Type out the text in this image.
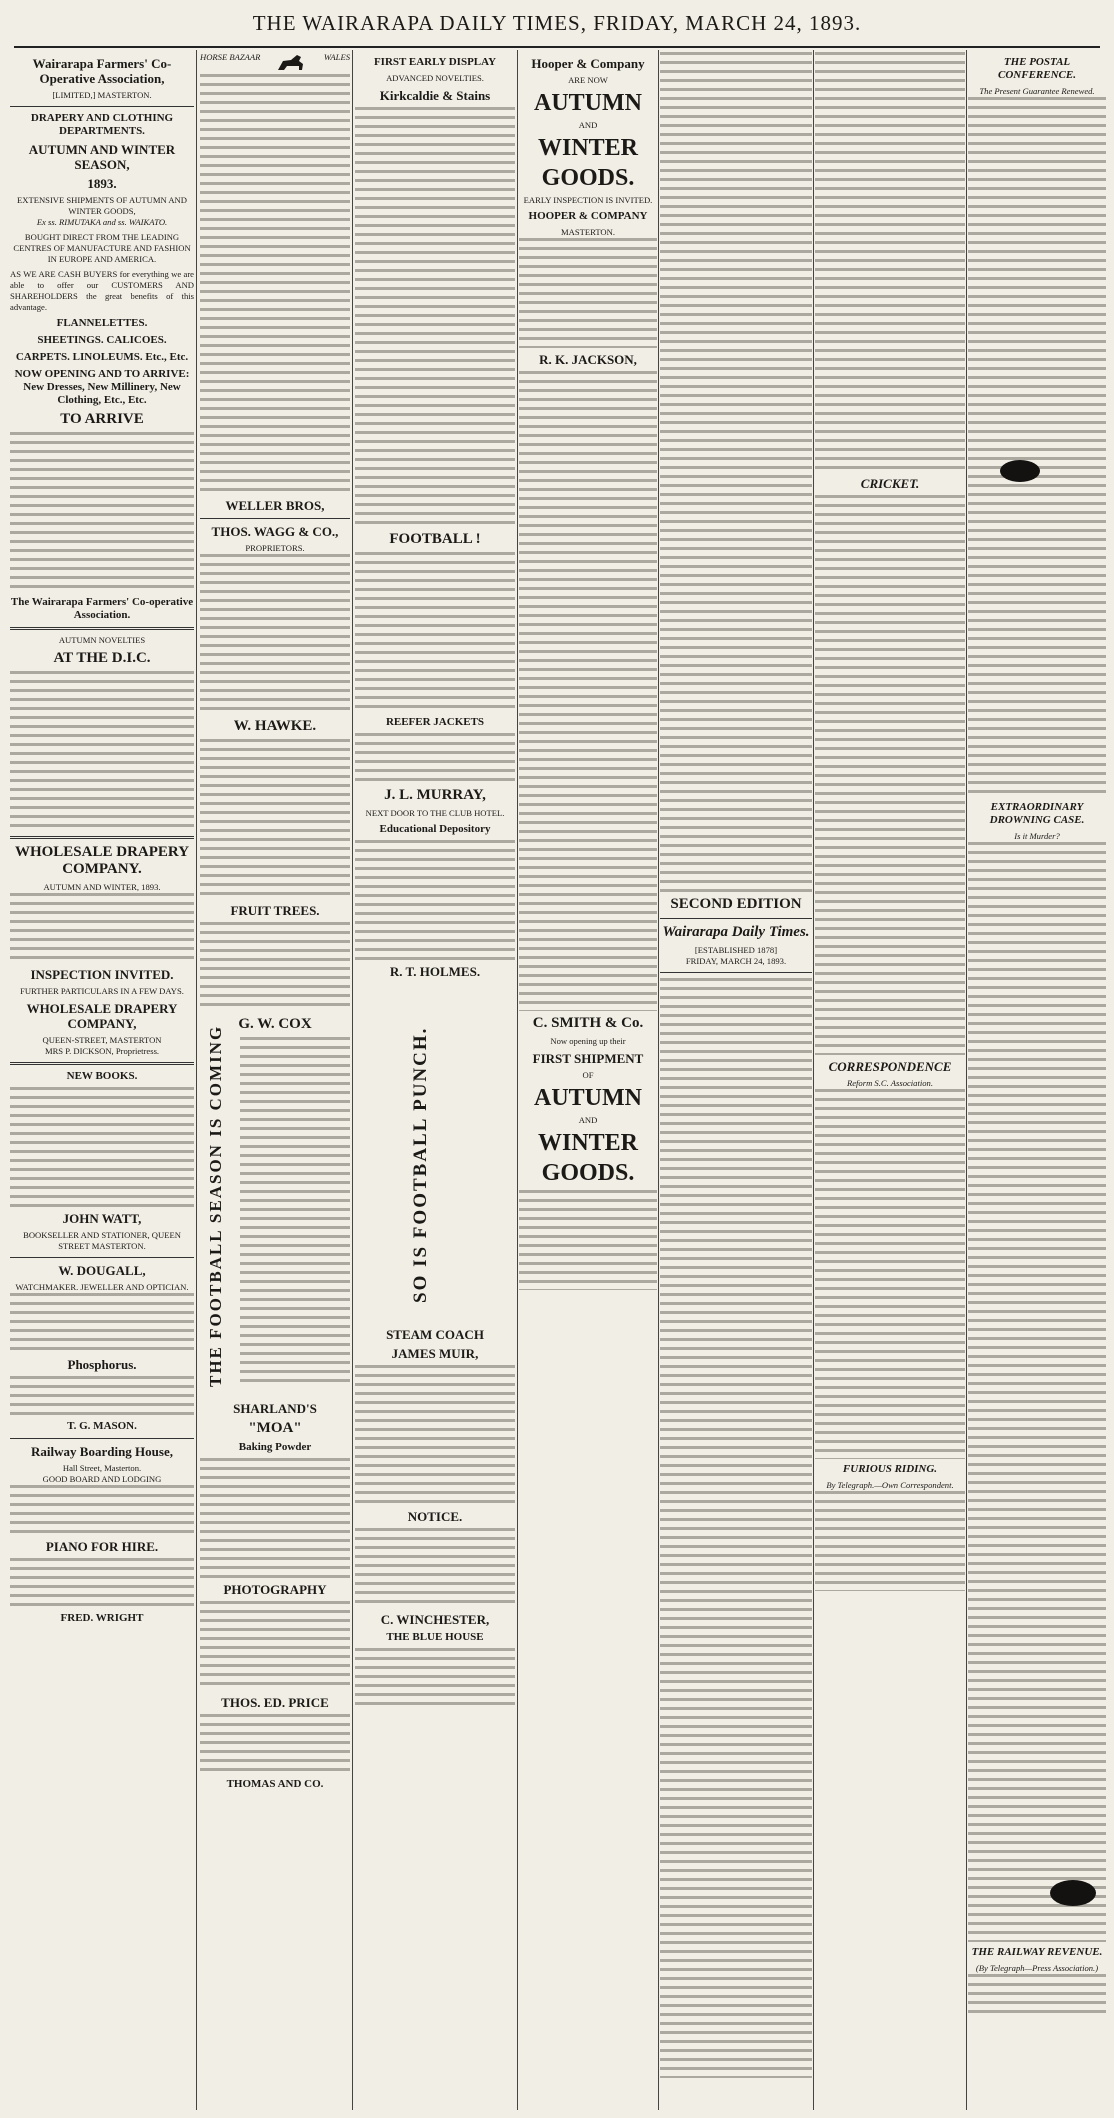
THE WAIRARAPA DAILY TIMES, FRIDAY, MARCH 24, 1893.
Wairarapa Farmers' Co-Operative Association,
[LIMITED,] MASTERTON.
DRAPERY AND CLOTHING DEPARTMENTS.
AUTUMN AND WINTER SEASON,
1893.
EXTENSIVE SHIPMENTS OF AUTUMN AND WINTER GOODS,
Ex ss. RIMUTAKA and ss. WAIKATO.
BOUGHT DIRECT FROM THE LEADING CENTRES OF MANUFACTURE AND FASHION IN EUROPE AND AMERICA.
AS WE ARE CASH BUYERS for everything we are able to offer our CUSTOMERS AND SHAREHOLDERS the great benefits of this advantage.
FLANNELETTES.
SHEETINGS. CALICOES.
CARPETS. LINOLEUMS. Etc., Etc.
NOW OPENING AND TO ARRIVE: New Dresses, New Millinery, New Clothing, Etc., Etc.
TO ARRIVE
The Wairarapa Farmers' Co-operative Association.
AUTUMN NOVELTIES
AT THE D.I.C.
WHOLESALE DRAPERY COMPANY.
AUTUMN AND WINTER, 1893.
INSPECTION INVITED.
FURTHER PARTICULARS IN A FEW DAYS.
WHOLESALE DRAPERY COMPANY,
QUEEN-STREET, MASTERTON
MRS P. DICKSON, Proprietress.
NEW BOOKS.
JOHN WATT,
BOOKSELLER AND STATIONER, QUEEN STREET MASTERTON.
W. DOUGALL,
WATCHMAKER. JEWELLER AND OPTICIAN.
Phosphorus.
T. G. MASON.
Railway Boarding House,
Hall Street, Masterton.
GOOD BOARD AND LODGING
PIANO FOR HIRE.
FRED. WRIGHT
HORSE BAZAAR	WALES
WELLER BROS,
THOS. WAGG & CO.,
PROPRIETORS.
W. HAWKE.
FRUIT TREES.
G. W. COX
THE FOOTBALL SEASON IS COMING
SHARLAND'S
"MOA"
Baking Powder
PHOTOGRAPHY
THOS. ED. PRICE
THOMAS AND CO.
FIRST EARLY DISPLAY
ADVANCED NOVELTIES.
Kirkcaldie & Stains
FOOTBALL !
REEFER JACKETS
J. L. MURRAY,
NEXT DOOR TO THE CLUB HOTEL.
Educational Depository
R. T. HOLMES.
SO IS FOOTBALL PUNCH.
STEAM COACH
JAMES MUIR,
NOTICE.
C. WINCHESTER,
THE BLUE HOUSE
Hooper & Company
ARE NOW
AUTUMN
AND
WINTER
GOODS.
EARLY INSPECTION IS INVITED.
HOOPER & COMPANY
MASTERTON.
R. K. JACKSON,
C. SMITH & Co.
Now opening up their
FIRST SHIPMENT
OF
AUTUMN
AND
WINTER
GOODS.
SECOND EDITION
Wairarapa Daily Times.
[ESTABLISHED 1878]
FRIDAY, MARCH 24, 1893.
CRICKET.
CORRESPONDENCE
Reform S.C. Association.
FURIOUS RIDING.
By Telegraph.—Own Correspondent.
THE POSTAL CONFERENCE.
The Present Guarantee Renewed.
EXTRAORDINARY DROWNING CASE.
Is it Murder?
THE RAILWAY REVENUE.
(By Telegraph—Press Association.)
